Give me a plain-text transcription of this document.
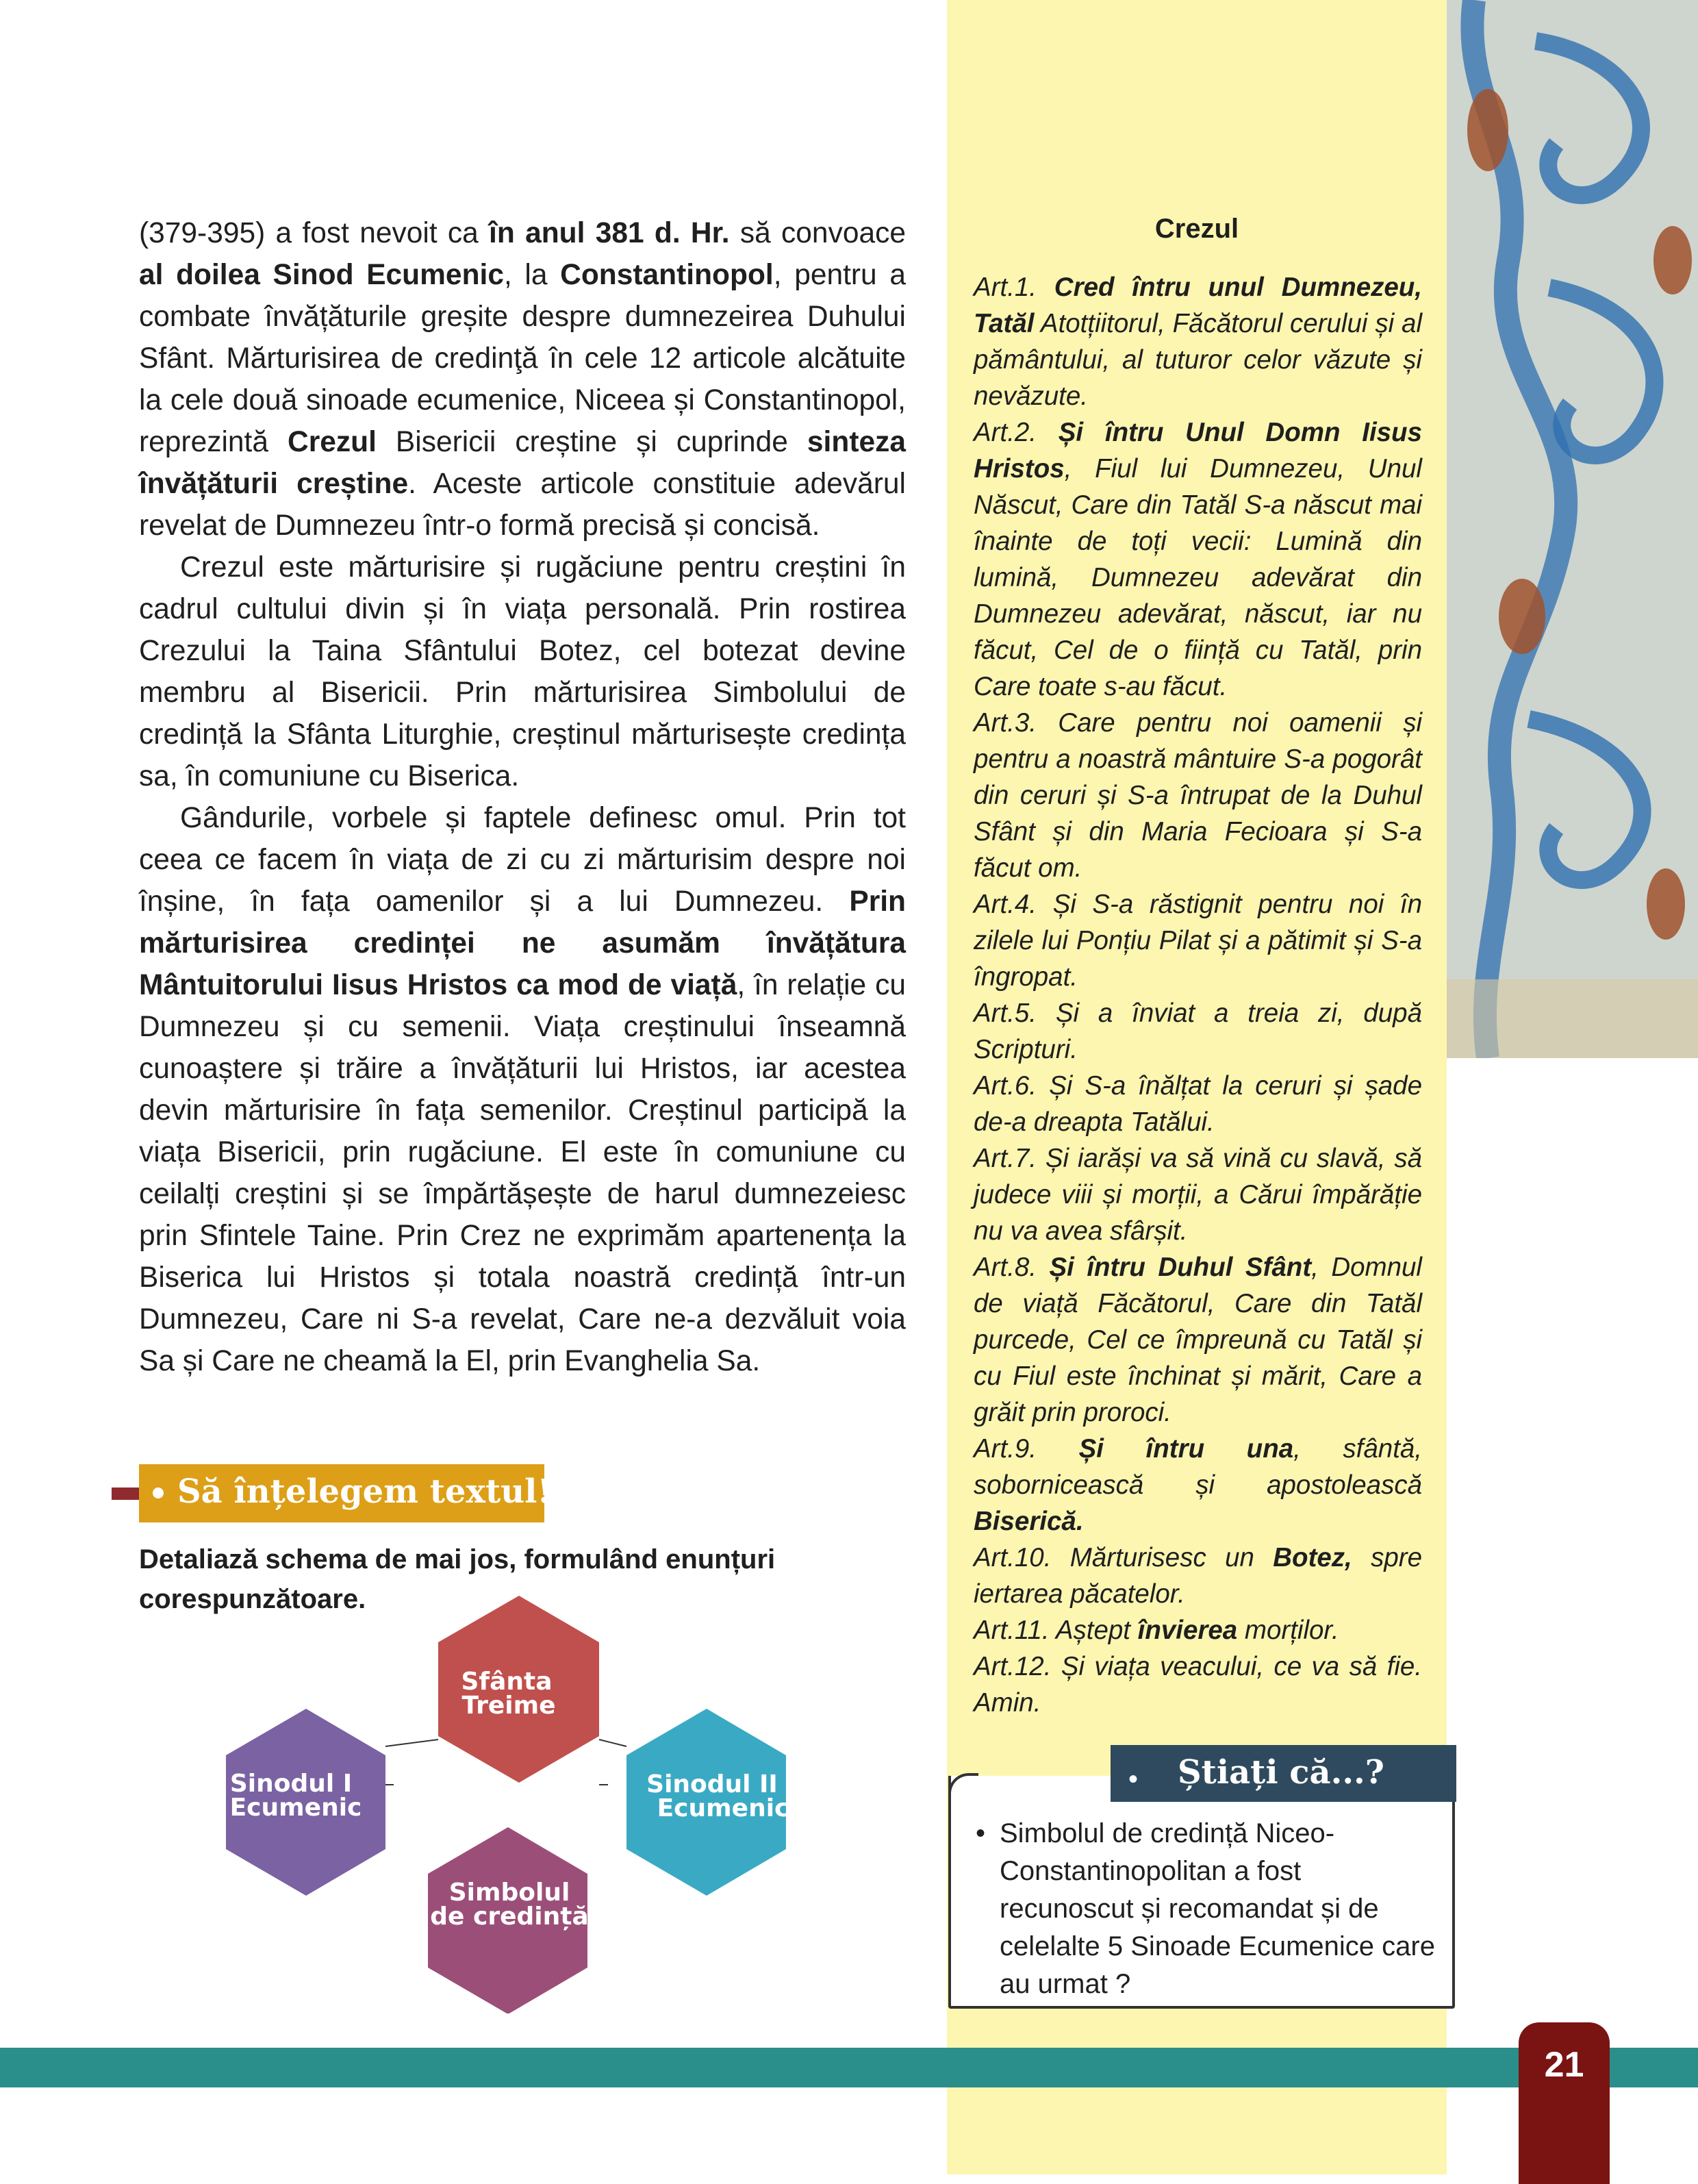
(379-395) a fost nevoit ca în anul 381 d. Hr. să convoace al doilea Sinod Ecumenic, la Constantinopol, pentru a combate învățăturile greșite despre dumnezeirea Duhului Sfânt. Mărturisirea de credinţă în cele 12 articole alcătuite la cele două sinoade ecumenice, Niceea și Constantinopol, reprezintă Crezul Bisericii creștine și cuprinde sinteza învățăturii creștine. Aceste articole constituie adevărul revelat de Dumnezeu într-o formă precisă și concisă.

Crezul este mărturisire și rugăciune pentru creștini în cadrul cultului divin și în viața personală. Prin rostirea Crezului la Taina Sfântului Botez, cel botezat devine membru al Bisericii. Prin mărturisirea Simbolului de credință la Sfânta Liturghie, creștinul mărturisește credința sa, în comuniune cu Biserica.

Gândurile, vorbele și faptele definesc omul. Prin tot ceea ce facem în viața de zi cu zi mărturisim despre noi înșine, în fața oamenilor și a lui Dumnezeu. Prin mărturisirea credinței ne asumăm învățătura Mântuitorului Iisus Hristos ca mod de viață, în relație cu Dumnezeu și cu semenii. Viața creștinului înseamnă cunoaștere și trăire a învățăturii lui Hristos, iar acestea devin mărturisire în fața semenilor. Creștinul participă la viața Bisericii, prin rugăciune. El este în comuniune cu ceilalți creștini și se împărtășește de harul dumnezeiesc prin Sfintele Taine. Prin Crez ne exprimăm apartenența la Biserica lui Hristos și totala noastră credință într-un Dumnezeu, Care ni S-a revelat, Care ne-a dezvăluit voia Sa și Care ne cheamă la El, prin Evanghelia Sa.

Să înțelegem textul!
Detaliază schema de mai jos, formulând enunțuri corespunzătoare.
Sfânta
Treime
Sinodul I
Ecumenic
Sinodul II
Ecumenic
Simbolul
de credință
Crezul

Art.1. Cred întru unul Dumnezeu, Tatăl Atotțiitorul, Făcătorul cerului și al pământului, al tuturor celor văzute și nevăzute.

Art.2. Și întru Unul Domn Iisus Hristos, Fiul lui Dumnezeu, Unul Născut, Care din Tatăl S-a născut mai înainte de toți vecii: Lumină din lumină, Dumnezeu adevărat din Dumnezeu adevărat, născut, iar nu făcut, Cel de o ființă cu Tatăl, prin Care toate s-au făcut.

Art.3. Care pentru noi oamenii și pentru a noastră mântuire S-a pogorât din ceruri și S-a întrupat de la Duhul Sfânt și din Maria Fecioara și S-a făcut om.

Art.4. Și S-a răstignit pentru noi în zilele lui Ponțiu Pilat și a pătimit și S-a îngropat.

Art.5. Și a înviat a treia zi, după Scripturi.

Art.6. Și S-a înălțat la ceruri și șade de-a dreapta Tatălui.

Art.7. Și iarăși va să vină cu slavă, să judece viii și morții, a Cărui împărăție nu va avea sfârșit.

Art.8. Și întru Duhul Sfânt, Domnul de viață Făcătorul, Care din Tatăl purcede, Cel ce împreună cu Tatăl și cu Fiul este închinat și mărit, Care a grăit prin proroci.

Art.9. Și întru una, sfântă, sobornicească și apostolească Biserică.

Art.10. Mărturisesc un Botez, spre iertarea păcatelor.

Art.11. Aștept învierea morților.

Art.12. Și viața veacului, ce va să fie. Amin.

• Știați că...?
• Simbolul de credință Niceo-Constantinopolitan a fost recunoscut și recomandat și de celelalte 5 Sinoade Ecumenice care au urmat ?
21
